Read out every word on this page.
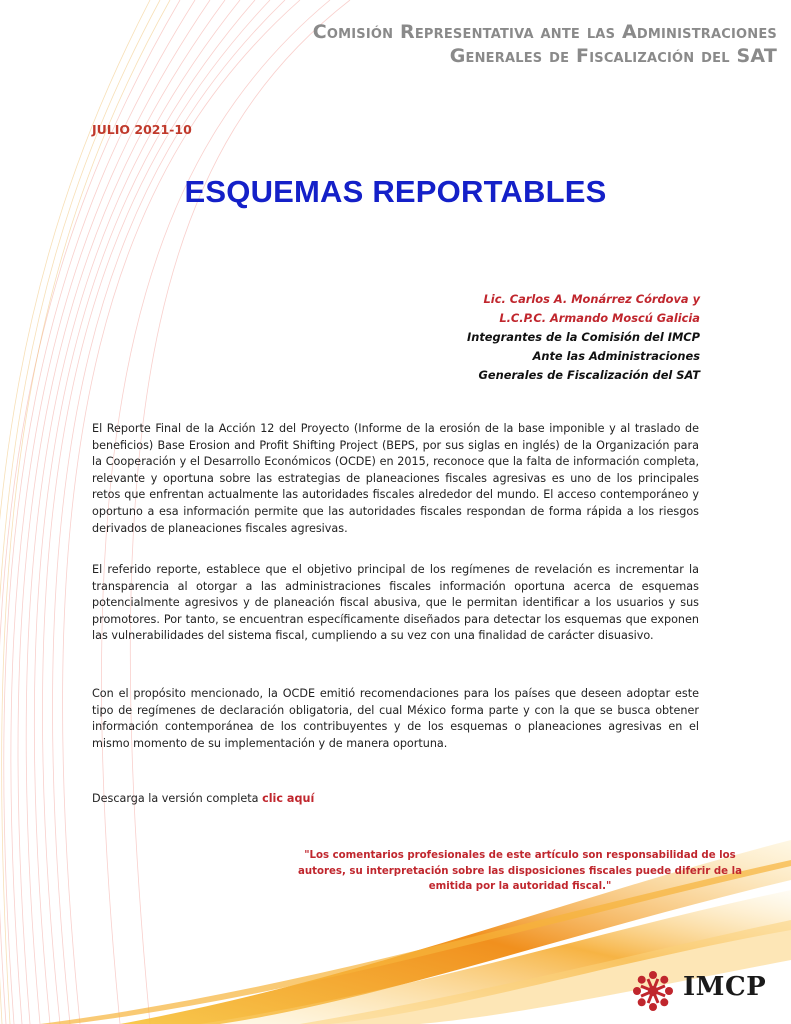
Comisión Representativa ante las Administraciones
Generales de Fiscalización del SAT
JULIO 2021-10
ESQUEMAS REPORTABLES
Lic. Carlos A. Monárrez Córdova y
L.C.P.C. Armando Moscú Galicia
Integrantes de la Comisión del IMCP
Ante las Administraciones
Generales de Fiscalización del SAT
El Reporte Final de la Acción 12 del Proyecto (Informe de la erosión de la base imponible y al traslado de beneficios) Base Erosion and Profit Shifting Project (BEPS, por sus siglas en inglés) de la Organización para la Cooperación y el Desarrollo Económicos (OCDE) en 2015, reconoce que la falta de información completa, relevante y oportuna sobre las estrategias de planeaciones fiscales agresivas es uno de los principales retos que enfrentan actualmente las autoridades fiscales alrededor del mundo. El acceso contemporáneo y oportuno a esa información permite que las autoridades fiscales respondan de forma rápida a los riesgos derivados de planeaciones fiscales agresivas.
El referido reporte, establece que el objetivo principal de los regímenes de revelación es incrementar la transparencia al otorgar a las administraciones fiscales información oportuna acerca de esquemas potencialmente agresivos y de planeación fiscal abusiva, que le permitan identificar a los usuarios y sus promotores. Por tanto, se encuentran específicamente diseñados para detectar los esquemas que exponen las vulnerabilidades del sistema fiscal, cumpliendo a su vez con una finalidad de carácter disuasivo.
Con el propósito mencionado, la OCDE emitió recomendaciones para los países que deseen adoptar este tipo de regímenes de declaración obligatoria, del cual México forma parte y con la que se busca obtener información contemporánea de los contribuyentes y de los esquemas o planeaciones agresivas en el mismo momento de su implementación y de manera oportuna.
Descarga la versión completa clic aquí
"Los comentarios profesionales de este artículo son responsabilidad de los autores, su interpretación sobre las disposiciones fiscales puede diferir de la emitida por la autoridad fiscal."
IMCP
